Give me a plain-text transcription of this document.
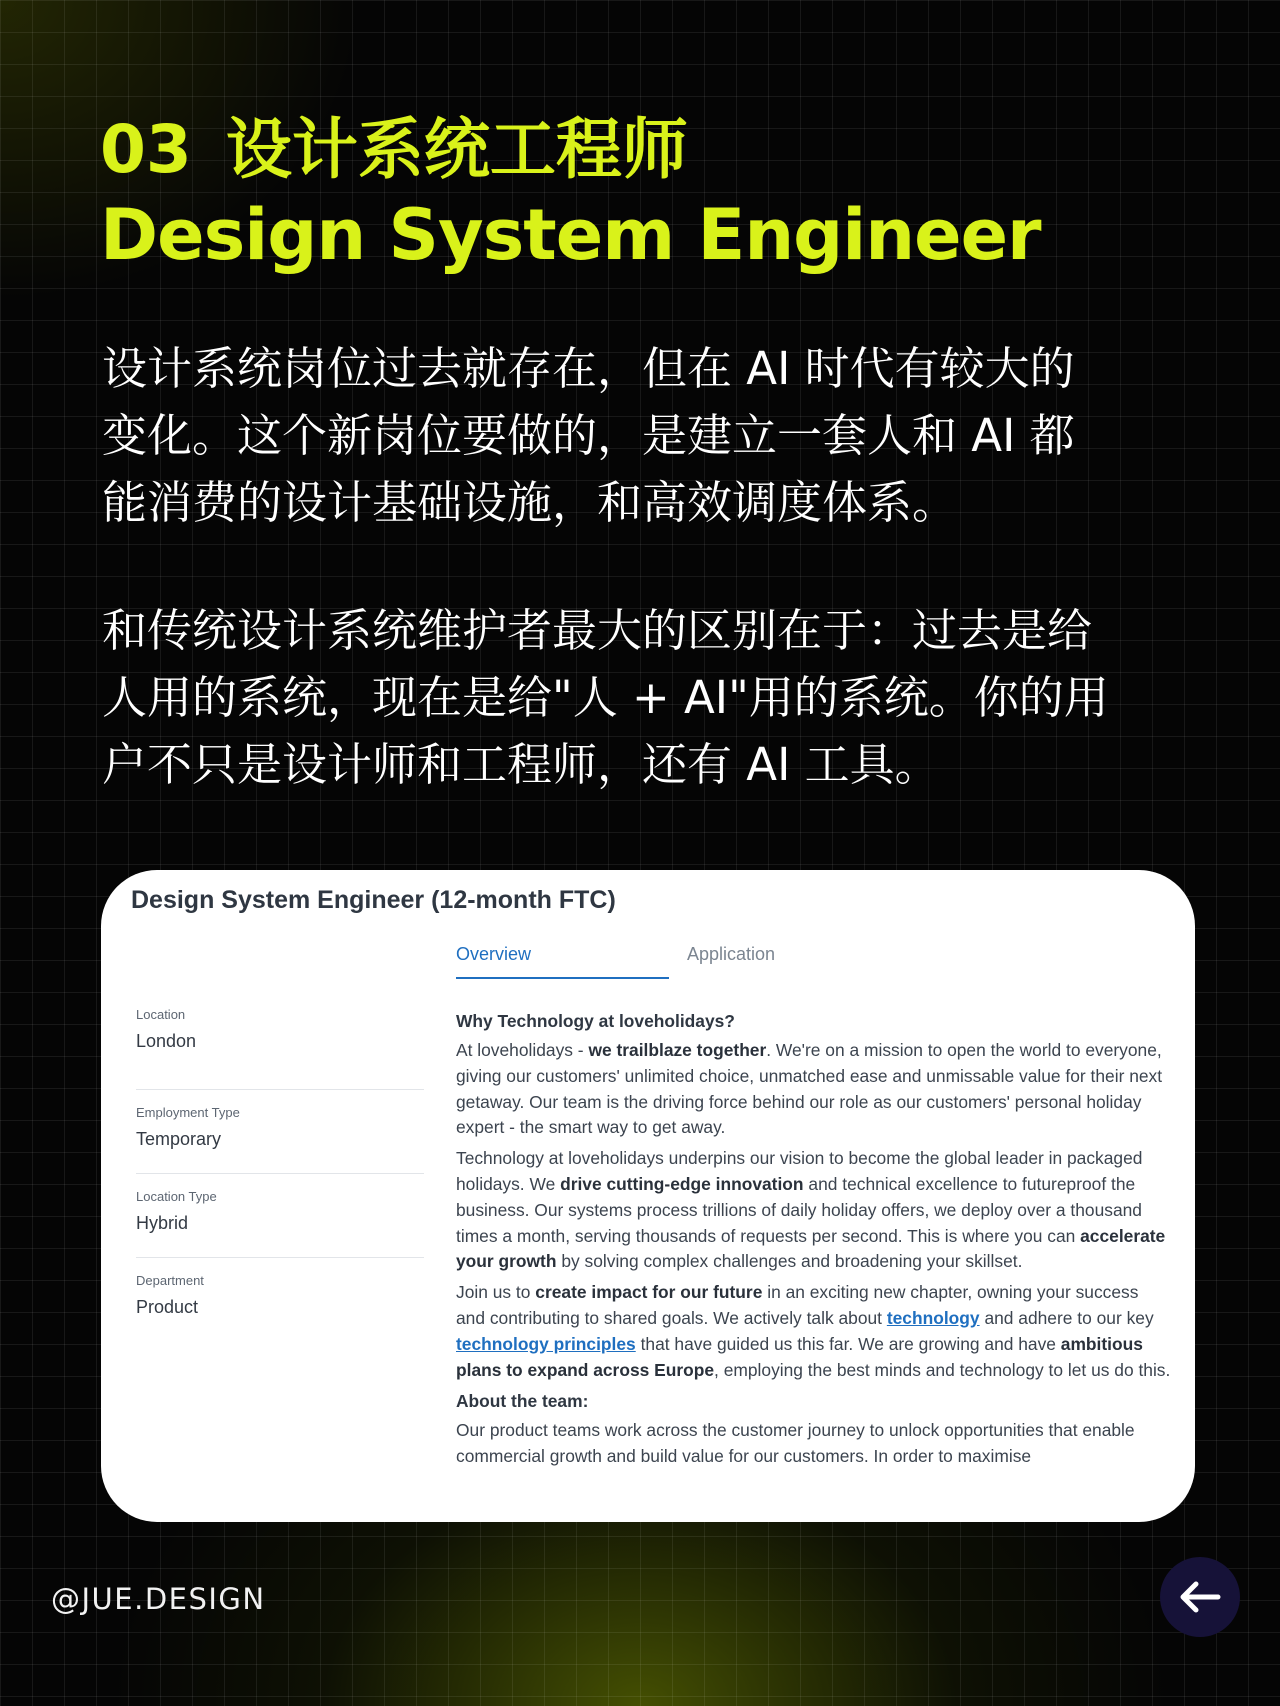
03 设计系统工程师
Design System Engineer
设计系统岗位过去就存在，但在 AI 时代有较大的
变化。这个新岗位要做的，是建立一套人和 AI 都
能消费的设计基础设施，和高效调度体系。
和传统设计系统维护者最大的区别在于：过去是给
人用的系统，现在是给"人 + AI"用的系统。你的用
户不只是设计师和工程师，还有 AI 工具。
Design System Engineer (12-month FTC)
Overview	Application
Location
London
Employment Type
Temporary
Location Type
Hybrid
Department
Product
Why Technology at loveholidays?

At loveholidays - we trailblaze together. We're on a mission to open the world to everyone, giving our customers' unlimited choice, unmatched ease and unmissable value for their next getaway. Our team is the driving force behind our role as our customers' personal holiday expert - the smart way to get away.

Technology at loveholidays underpins our vision to become the global leader in packaged holidays. We drive cutting-edge innovation and technical excellence to futureproof the business. Our systems process trillions of daily holiday offers, we deploy over a thousand times a month, serving thousands of requests per second. This is where you can accelerate your growth by solving complex challenges and broadening your skillset.

Join us to create impact for our future in an exciting new chapter, owning your success and contributing to shared goals. We actively talk about technology and adhere to our key technology principles that have guided us this far. We are growing and have ambitious plans to expand across Europe, employing the best minds and technology to let us do this.

About the team:

Our product teams work across the customer journey to unlock opportunities that enable commercial growth and build value for our customers. In order to maximise

@JUE.DESIGN
